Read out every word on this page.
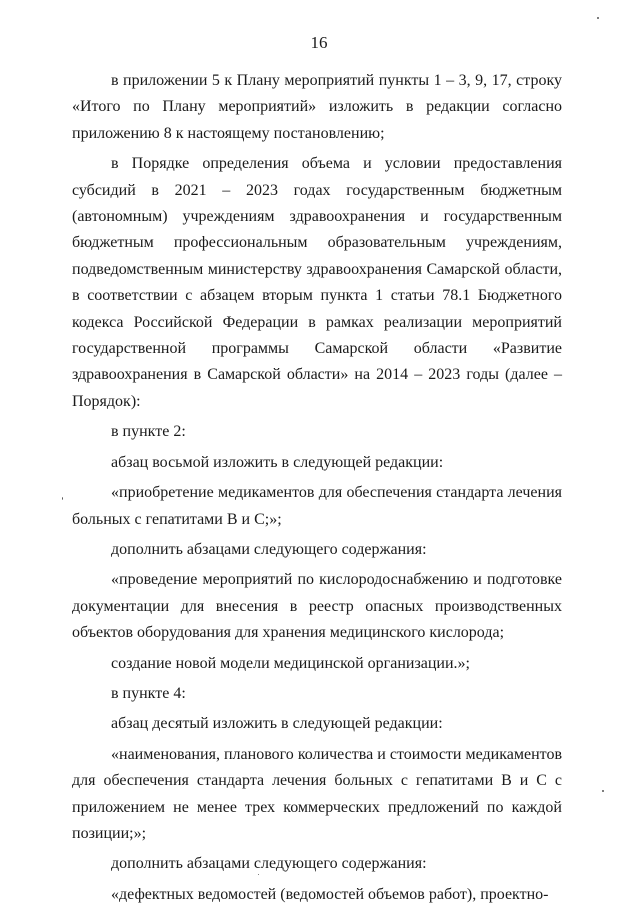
16

в приложении 5 к Плану мероприятий пункты 1 – 3, 9, 17, строку «Итого по Плану мероприятий» изложить в редакции согласно приложению 8 к настоящему постановлению;

в Порядке определения объема и условии предоставления субсидий в 2021 – 2023 годах государственным бюджетным (автономным) учреждениям здравоохранения и государственным бюджетным профессиональным образовательным учреждениям, подведомственным министерству здравоохранения Самарской области, в соответствии с абзацем вторым пункта 1 статьи 78.1 Бюджетного кодекса Российской Федерации в рамках реализации мероприятий государственной программы Самарской области «Развитие здравоохранения в Самарской области» на 2014 – 2023 годы (далее – Порядок):

в пункте 2:

абзац восьмой изложить в следующей редакции:

«приобретение медикаментов для обеспечения стандарта лечения больных с гепатитами В и С;»;

дополнить абзацами следующего содержания:

«проведение мероприятий по кислородоснабжению и подготовке документации для внесения в реестр опасных производственных объектов оборудования для хранения медицинского кислорода;

создание новой модели медицинской организации.»;

в пункте 4:

абзац десятый изложить в следующей редакции:

«наименования, планового количества и стоимости медикаментов для обеспечения стандарта лечения больных с гепатитами В и С с приложением не менее трех коммерческих предложений по каждой позиции;»;

дополнить абзацами следующего содержания:

«дефектных ведомостей (ведомостей объемов работ), проектно-
